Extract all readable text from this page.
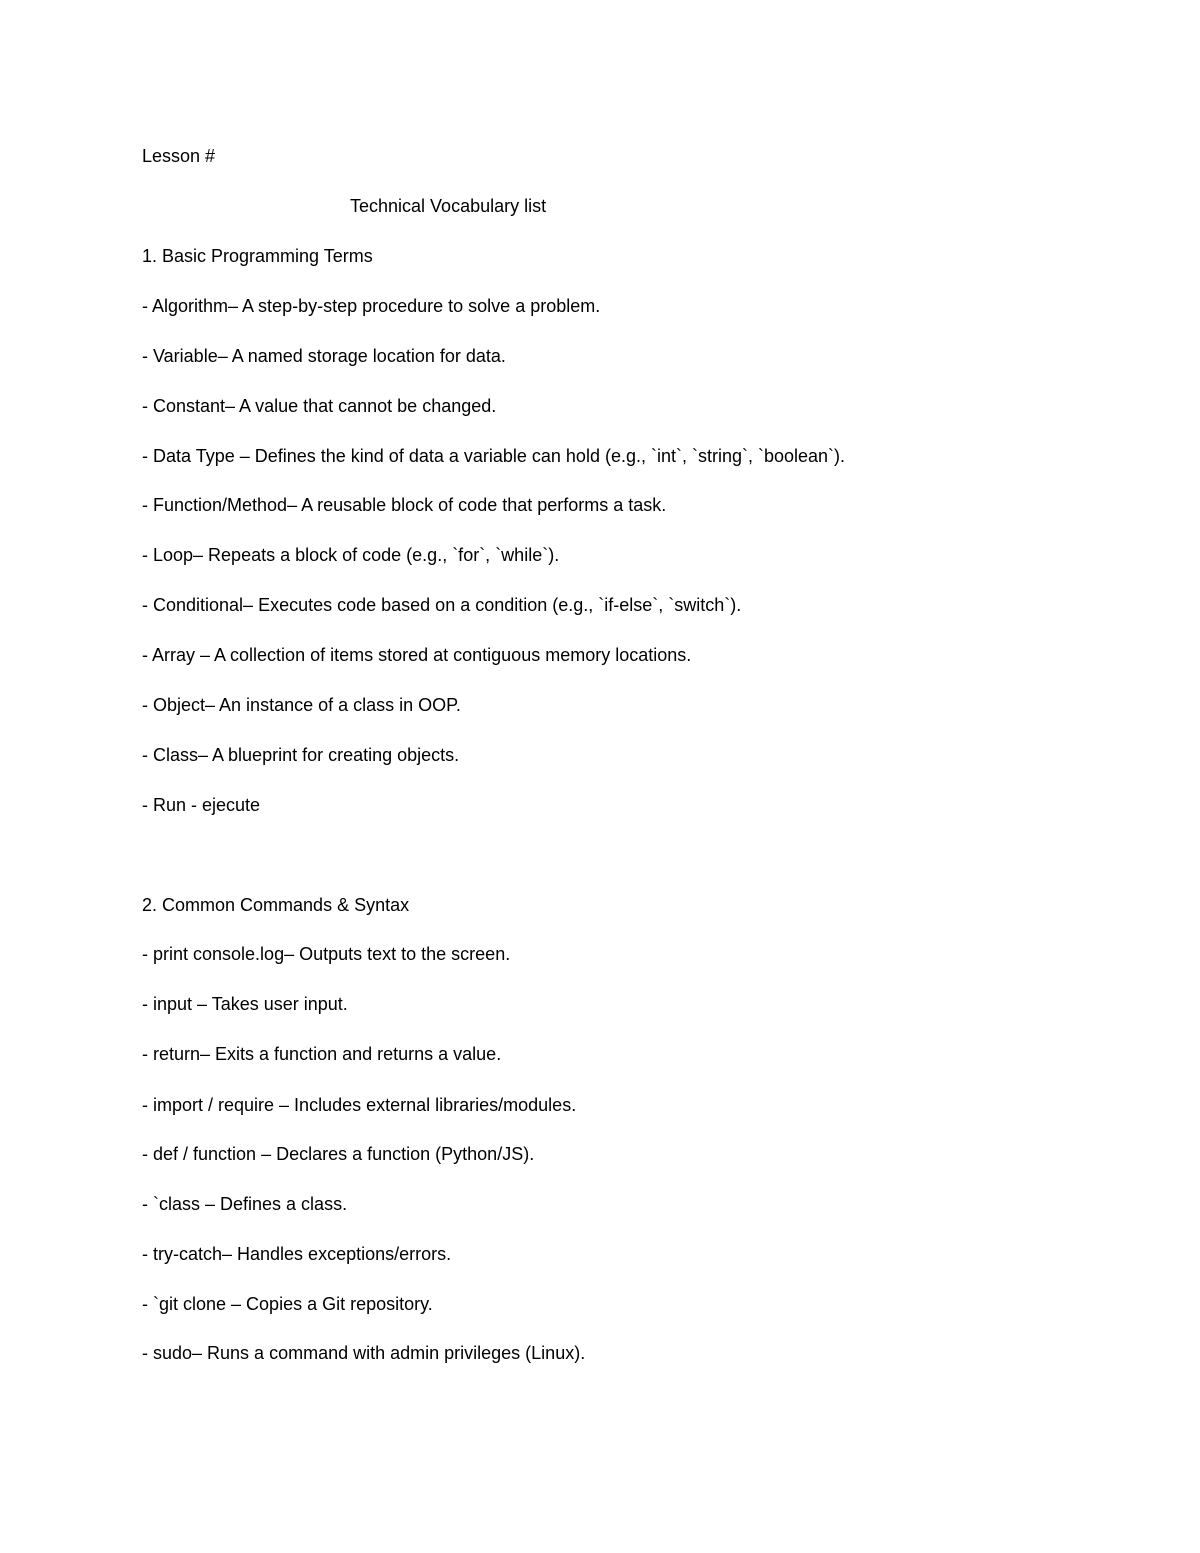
Lesson #
Technical Vocabulary list
1. Basic Programming Terms
- Algorithm– A step-by-step procedure to solve a problem.
- Variable– A named storage location for data.
- Constant– A value that cannot be changed.
- Data Type – Defines the kind of data a variable can hold (e.g., `int`, `string`, `boolean`).
- Function/Method– A reusable block of code that performs a task.
- Loop– Repeats a block of code (e.g., `for`, `while`).
- Conditional– Executes code based on a condition (e.g., `if-else`, `switch`).
- Array – A collection of items stored at contiguous memory locations.
- Object– An instance of a class in OOP.
- Class– A blueprint for creating objects.
- Run - ejecute
2. Common Commands & Syntax
- print console.log– Outputs text to the screen.
- input – Takes user input.
- return– Exits a function and returns a value.
- import / require – Includes external libraries/modules.
- def / function – Declares a function (Python/JS).
- `class – Defines a class.
- try-catch– Handles exceptions/errors.
- `git clone – Copies a Git repository.
- sudo– Runs a command with admin privileges (Linux).
